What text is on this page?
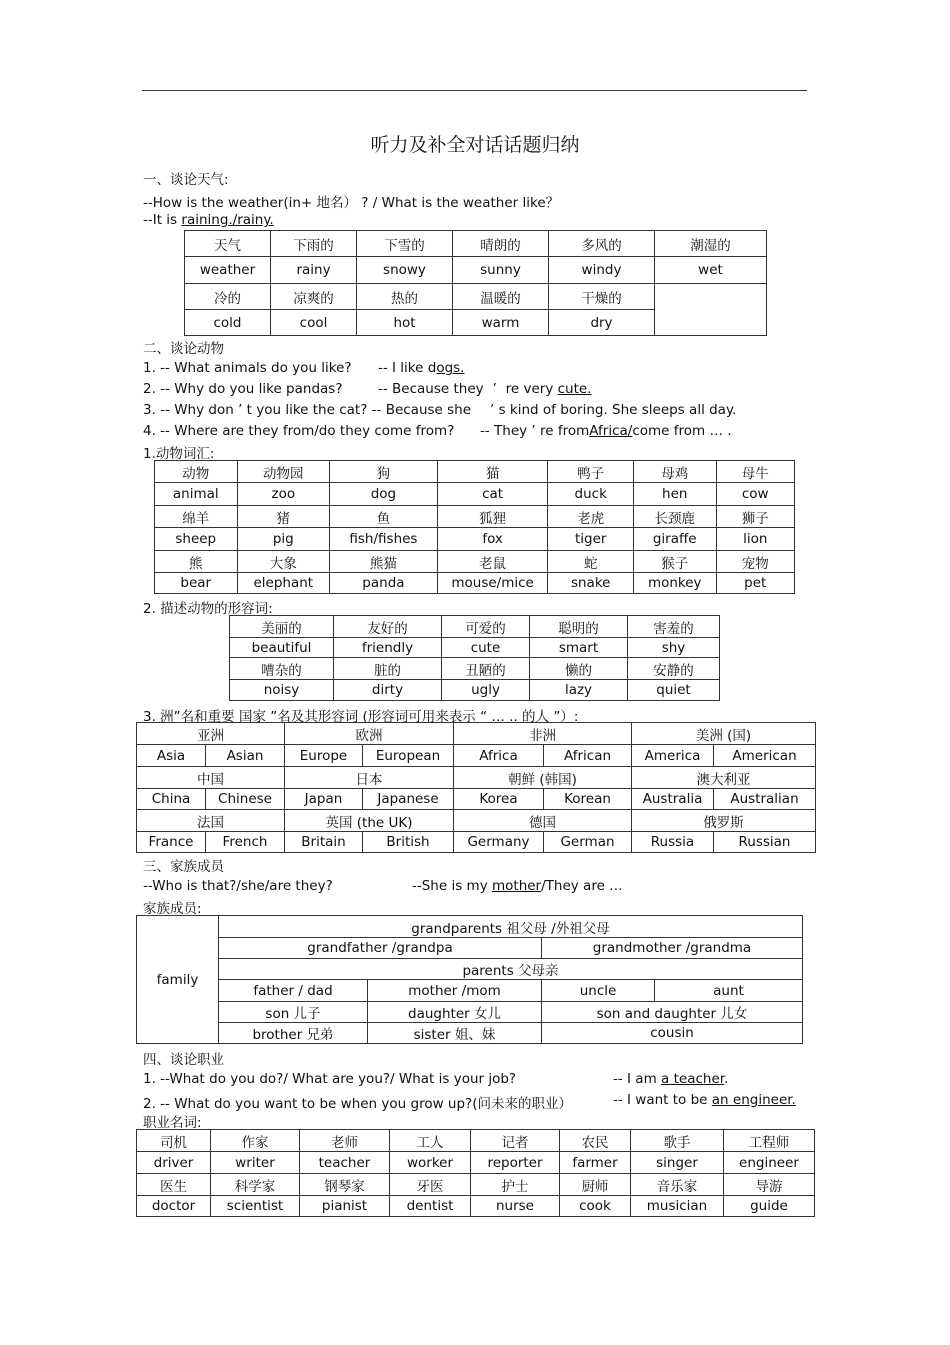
听力及补全对话话题归纳
一、谈论天气:
--How is the weather(in+ 地名） ? / What is the weather like？
--It is raining./rainy.
天气	下雨的	下雪的	晴朗的	多风的	潮湿的
weather	rainy	snowy	sunny	windy	wet
冷的	凉爽的	热的	温暖的	干燥的	
cold	cool	hot	warm	dry	
二、谈论动物
1. -- What animals do you like? -- I like dogs.
2. -- Why do you like pandas?	-- Because they ’ re very cute.
3. -- Why don ’ t you like the cat? -- Because she ’ s kind of boring. She sleeps all day.
4. -- Where are they from/do they come from? -- They ’ re fromAfrica/come from … .
1.动物词汇:
动物	动物园	狗	猫	鸭子	母鸡	母牛
animal	zoo	dog	cat	duck	hen	cow
绵羊	猪	鱼	狐狸	老虎	长颈鹿	狮子
sheep	pig	fish/fishes	fox	tiger	giraffe	lion
熊	大象	熊猫	老鼠	蛇	猴子	宠物
bear	elephant	panda	mouse/mice	snake	monkey	pet
2. 描述动物的形容词:
美丽的	友好的	可爱的	聪明的	害羞的
beautiful	friendly	cute	smart	shy
嘈杂的	脏的	丑陋的	懒的	安静的
noisy	dirty	ugly	lazy	quiet
3. 洲”名和重要 国家 ”名及其形容词 (形容词可用来表示 “ … .. 的人 ”）:
亚洲		欧洲		非洲		美洲 (国)	
Asia	Asian	Europe	European	Africa	African	America	American
中国		日本		朝鲜 (韩国)		澳大利亚	
China	Chinese	Japan	Japanese	Korea	Korean	Australia	Australian
法国		英国 (the UK)		德国		俄罗斯	
France	French	Britain	British	Germany	German	Russia	Russian
三、家族成员
--Who is that?/she/are they?	--She is my mother/They are …
家族成员:
family	grandparents 祖父母 /外祖父母			
	grandfather /grandpa		grandmother /grandma	
	parents 父母亲			
	father / dad	mother /mom	uncle	aunt
	son 儿子	daughter 女儿	son and daughter 儿女	
	brother 兄弟	sister 姐、妹	cousin	
四、谈论职业
1. --What do you do?/ What are you?/ What is your job?	-- I am a teacher.
2. -- What do you want to be when you grow up?(问未来的职业）	-- I want to be an engineer.
职业名词:
司机	作家	老师	工人	记者	农民	歌手	工程师
driver	writer	teacher	worker	reporter	farmer	singer	engineer
医生	科学家	钢琴家	牙医	护士	厨师	音乐家	导游
doctor	scientist	pianist	dentist	nurse	cook	musician	guide
